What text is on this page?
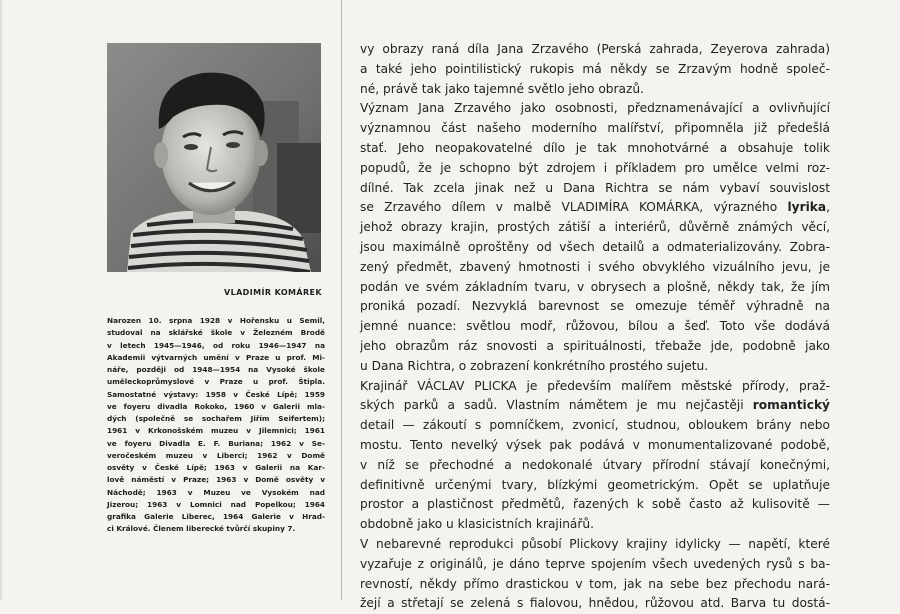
VLADIMÍR KOMÁREK
Narozen 10. srpna 1928 v Hořensku u Semil,
studoval na sklářské škole v Železném Brodě
v letech 1945—1946, od roku 1946—1947 na
Akademii výtvarných umění v Praze u prof. Mi-
náře, později od 1948—1954 na Vysoké škole
uměleckoprůmyslové v Praze u prof. Štipla.
Samostatné výstavy: 1958 v České Lípě; 1959
ve foyeru divadla Rokoko, 1960 v Galerii mla-
dých (společně se sochařem Jiřím Seifertem);
1961 v Krkonošském muzeu v Jilemnici; 1961
ve foyeru Divadla E. F. Buriana; 1962 v Se-
veročeském muzeu v Liberci; 1962 v Domě
osvěty v České Lípě; 1963 v Galerii na Kar-
lově náměstí v Praze; 1963 v Domě osvěty v
Náchodě; 1963 v Muzeu ve Vysokém nad
Jizerou; 1963 v Lomnici nad Popelkou; 1964
grafika Galerie Liberec, 1964 Galerie v Hrad-
ci Králové. Členem liberecké tvůrčí skupiny 7.
vy obrazy raná díla Jana Zrzavého (Perská zahrada, Zeyerova zahrada)
a také jeho pointilistický rukopis má někdy se Zrzavým hodně společ-
né, právě tak jako tajemné světlo jeho obrazů.
Význam Jana Zrzavého jako osobnosti, předznamenávající a ovlivňující
významnou část našeho moderního malířství, připomněla již předešlá
stať. Jeho neopakovatelné dílo je tak mnohotvárné a obsahuje tolik
popudů, že je schopno být zdrojem i příkladem pro umělce velmi roz-
dílné. Tak zcela jinak než u Dana Richtra se nám vybaví souvislost
se Zrzavého dílem v malbě VLADIMÍRA KOMÁRKA, výrazného lyrika,
jehož obrazy krajin, prostých zátiší a interiérů, důvěrně známých věcí,
jsou maximálně oproštěny od všech detailů a odmaterializovány. Zobra-
zený předmět, zbavený hmotnosti i svého obvyklého vizuálního jevu, je
podán ve svém základním tvaru, v obrysech a plošně, někdy tak, že jím
proniká pozadí. Nezvyklá barevnost se omezuje téměř výhradně na
jemné nuance: světlou modř, růžovou, bílou a šeď. Toto vše dodává
jeho obrazům ráz snovosti a spirituálnosti, třebaže jde, podobně jako
u Dana Richtra, o zobrazení konkrétního prostého sujetu.
Krajinář VÁCLAV PLICKA je především malířem městské přírody, praž-
ských parků a sadů. Vlastním námětem je mu nejčastěji romantický
detail — zákoutí s pomníčkem, zvonicí, studnou, obloukem brány nebo
mostu. Tento nevelký výsek pak podává v monumentalizované podobě,
v níž se přechodné a nedokonalé útvary přírodní stávají konečnými,
definitivně určenými tvary, blízkými geometrickým. Opět se uplatňuje
prostor a plastičnost předmětů, řazených k sobě často až kulisovitě —
obdobně jako u klasicistních krajinářů.
V nebarevné reprodukci působí Plickovy krajiny idylicky — napětí, které
vyzařuje z originálů, je dáno teprve spojením všech uvedených rysů s ba-
revností, někdy přímo drastickou v tom, jak na sebe bez přechodu nará-
žejí a střetají se zelená s fialovou, hnědou, růžovou atd. Barva tu dostá-
